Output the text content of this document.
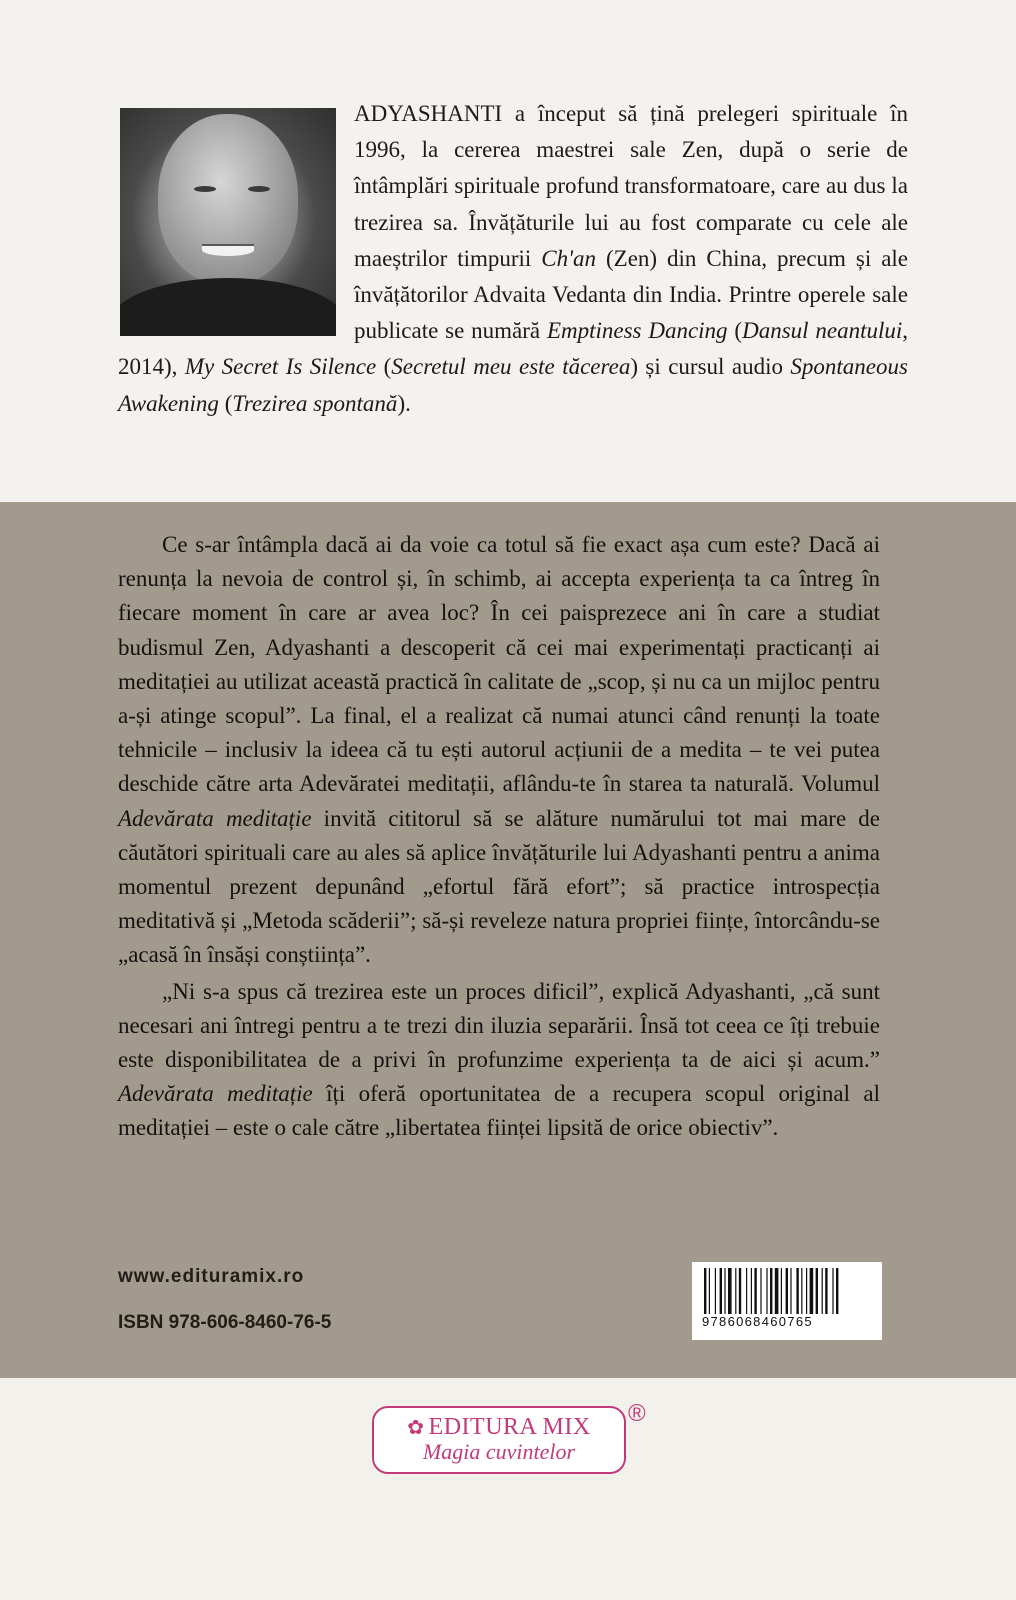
ADYASHANTI a început să țină prelegeri spirituale în 1996, la cererea maestrei sale Zen, după o serie de întâmplări spirituale profund transformatoare, care au dus la trezirea sa. Învățăturile lui au fost comparate cu cele ale maeștrilor timpurii Ch'an (Zen) din China, precum și ale învățătorilor Advaita Vedanta din India. Printre operele sale publicate se numără Emptiness Dancing (Dansul neantului, 2014), My Secret Is Silence (Secretul meu este tăcerea) și cursul audio Spontaneous Awakening (Trezirea spontană).

Ce s-ar întâmpla dacă ai da voie ca totul să fie exact așa cum este? Dacă ai renunța la nevoia de control și, în schimb, ai accepta experiența ta ca întreg în fiecare moment în care ar avea loc? În cei paisprezece ani în care a studiat budismul Zen, Adyashanti a descoperit că cei mai experimentați practicanți ai meditației au utilizat această practică în calitate de „scop, și nu ca un mijloc pentru a-și atinge scopul”. La final, el a realizat că numai atunci când renunți la toate tehnicile – inclusiv la ideea că tu ești autorul acțiunii de a medita – te vei putea deschide către arta Adevăratei meditații, aflându-te în starea ta naturală. Volumul Adevărata meditație invită cititorul să se alăture numărului tot mai mare de căutători spirituali care au ales să aplice învățăturile lui Adyashanti pentru a anima momentul prezent depunând „efortul fără efort”; să practice introspecția meditativă și „Metoda scăderii”; să-și reveleze natura propriei ființe, întorcându-se „acasă în însăși conștiința”.

„Ni s-a spus că trezirea este un proces dificil”, explică Adyashanti, „că sunt necesari ani întregi pentru a te trezi din iluzia separării. Însă tot ceea ce îți trebuie este disponibilitatea de a privi în profunzime experiența ta de aici și acum.” Adevărata meditație îți oferă oportunitatea de a recupera scopul original al meditației – este o cale către „libertatea ființei lipsită de orice obiectiv”.

www.edituramix.ro
ISBN 978-606-8460-76-5	9786068460765
✿ EDITURA MIX
Magia cuvintelor
®
